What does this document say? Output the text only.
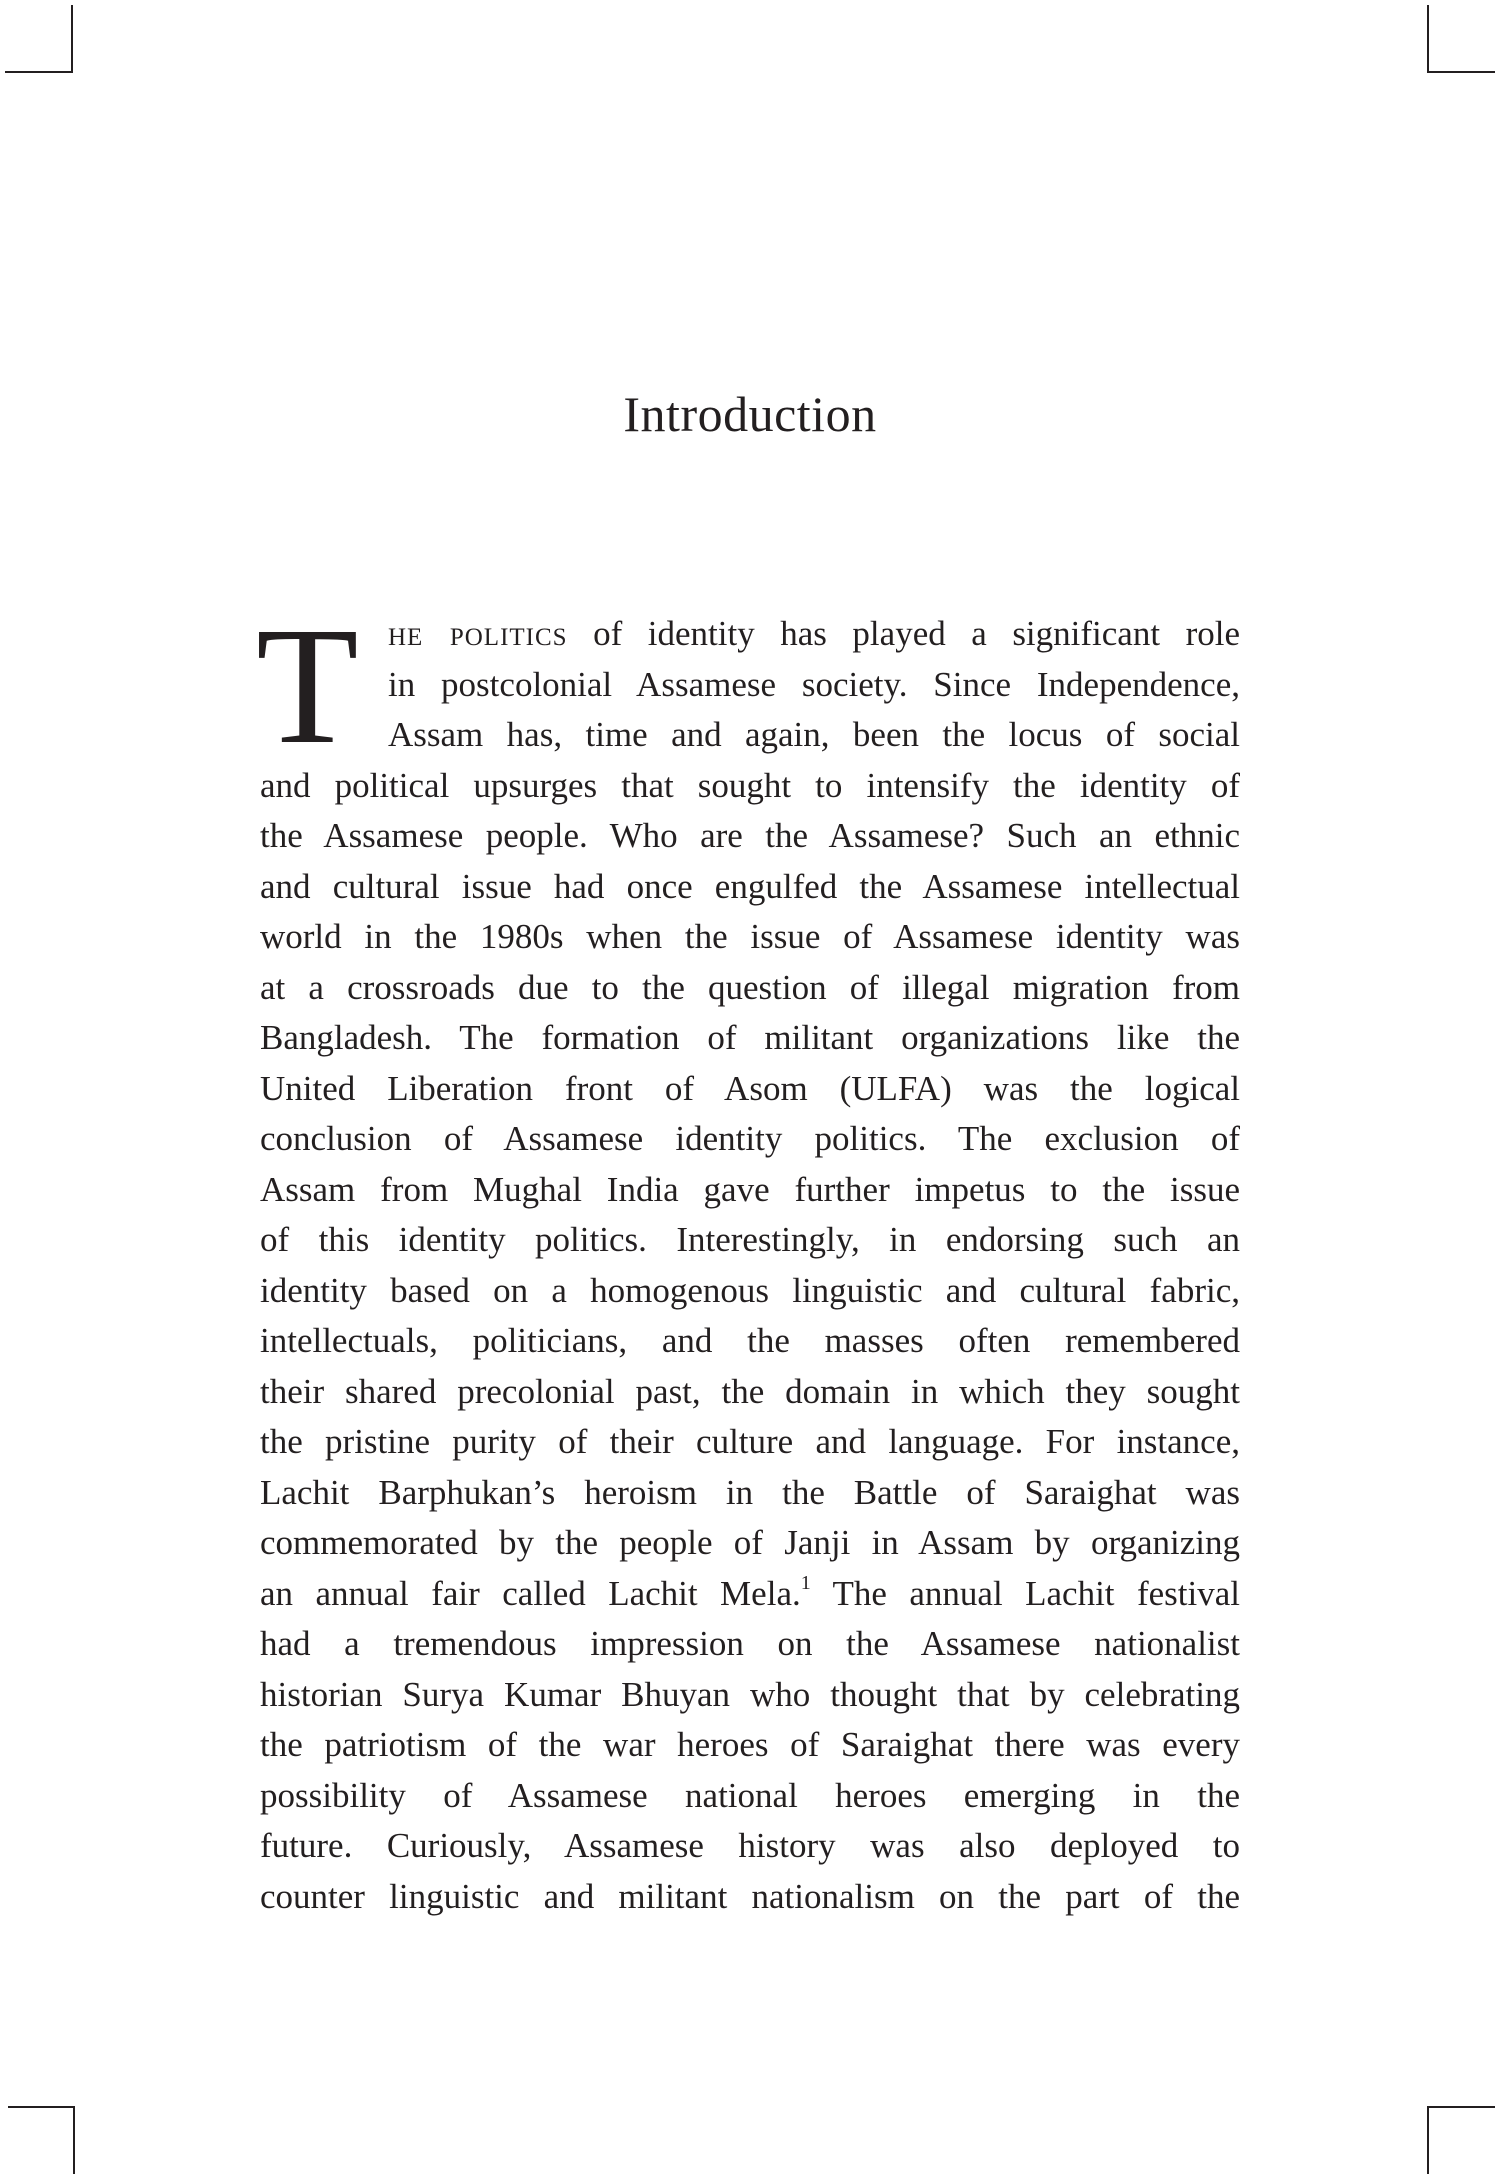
Introduction
T he politics of identity has played a significant role
in postcolonial Assamese society. Since Independence,
Assam has, time and again, been the locus of social
and political upsurges that sought to intensify the identity of
the Assamese people. Who are the Assamese? Such an ethnic
and cultural issue had once engulfed the Assamese intellectual
world in the 1980s when the issue of Assamese identity was
at a crossroads due to the question of illegal migration from
Bangladesh. The formation of militant organizations like the
United Liberation front of Asom (ULFA) was the logical
conclusion of Assamese identity politics. The exclusion of
Assam from Mughal India gave further impetus to the issue
of this identity politics. Interestingly, in endorsing such an
identity based on a homogenous linguistic and cultural fabric,
intellectuals, politicians, and the masses often remembered
their shared precolonial past, the domain in which they sought
the pristine purity of their culture and language. For instance,
Lachit Barphukan’s heroism in the Battle of Saraighat was
commemorated by the people of Janji in Assam by organizing
an annual fair called Lachit Mela.$^1$ The annual Lachit festival
had a tremendous impression on the Assamese nationalist
historian Surya Kumar Bhuyan who thought that by celebrating
the patriotism of the war heroes of Saraighat there was every
possibility of Assamese national heroes emerging in the
future. Curiously, Assamese history was also deployed to
counter linguistic and militant nationalism on the part of the
